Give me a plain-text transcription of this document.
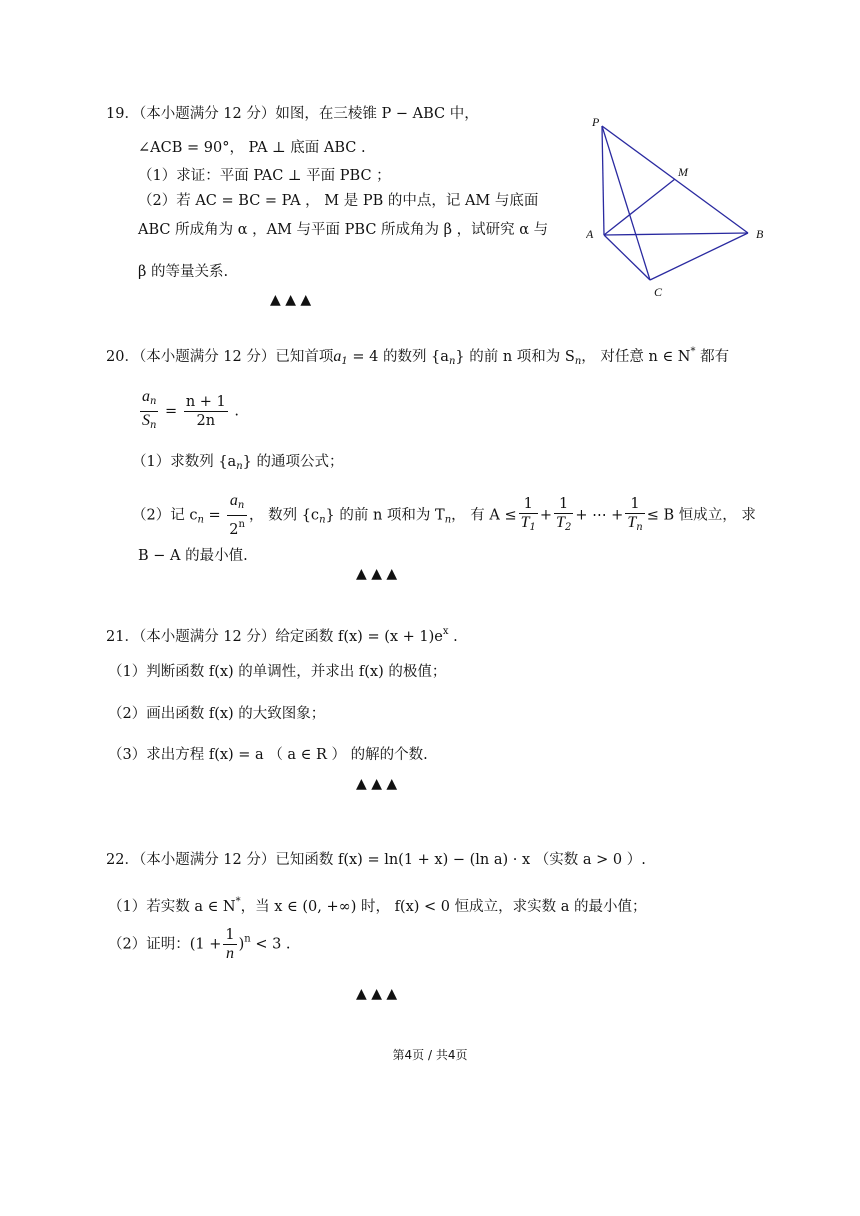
19．（本小题满分 12 分）如图，在三棱锥 P − ABC 中，
∠ACB = 90°， PA ⊥ 底面 ABC .
（1）求证：平面 PAC ⊥ 平面 PBC ；
（2）若 AC = BC = PA ， M 是 PB 的中点，记 AM 与底面
ABC 所成角为 α ，AM 与平面 PBC 所成角为 β ，试研究 α 与
β 的等量关系.
▲ ▲ ▲
P
M
A	B
C
20．（本小题满分 12 分）已知首项$a_1 = 4$ 的数列 $\{a_n\}$ 的前 n 项和为 $S_n$， 对任意 n ∈ N* 都有
$\frac{a_n}{S_n} = \frac{n + 1}{2n}$ .
（1）求数列 $\{a_n\}$ 的通项公式；
（2）记 $c_n = \frac{a_n}{2^n}$ ， 数列 $\{c_n\}$ 的前 n 项和为 $T_n$， 有 $A \le \frac{1}{T_1} + \frac{1}{T_2}$ + ⋯ + $\frac{1}{T_n} \le B$ 恒成立， 求
B − A 的最小值.
▲ ▲ ▲
21．（本小题满分 12 分）给定函数 $f(x) = (x + 1)e^x$ .
（1）判断函数 f(x) 的单调性，并求出 f(x) 的极值；
（2）画出函数 f(x) 的大致图象；
（3）求出方程 f(x) = a （ a ∈ R ） 的解的个数.
▲ ▲ ▲
22．（本小题满分 12 分）已知函数 f(x) = ln(1 + x) − (ln a) · x （实数 a > 0 ）.
（1）若实数 a ∈ N*，当 x ∈ (0, +∞) 时， f(x) < 0 恒成立，求实数 a 的最小值；
（2）证明：$(1 + \frac{1}{n} )^n < 3$ .
▲ ▲ ▲
第4页 / 共4页
